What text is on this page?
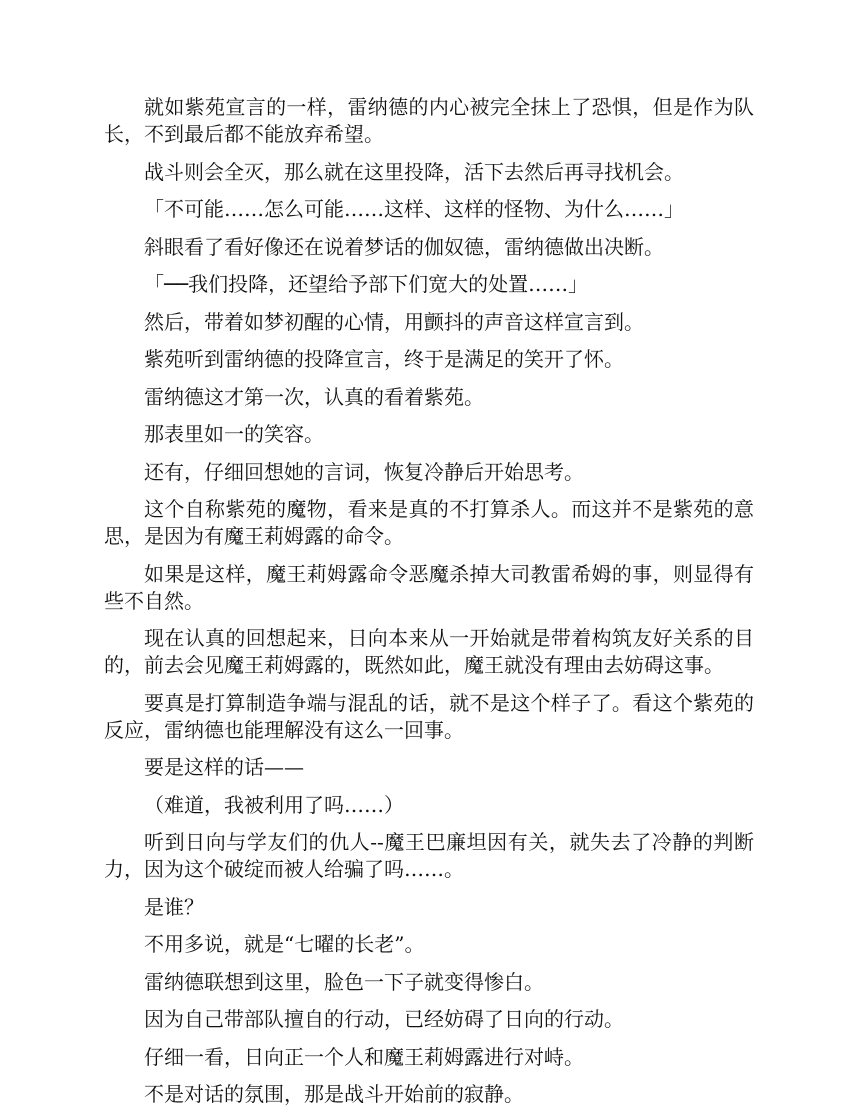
就如紫苑宣言的一样，雷纳德的内心被完全抹上了恐惧，但是作为队长，不到最后都不能放弃希望。

战斗则会全灭，那么就在这里投降，活下去然后再寻找机会。

「不可能……怎么可能……这样、这样的怪物、为什么……」

斜眼看了看好像还在说着梦话的伽奴德，雷纳德做出决断。

「──我们投降，还望给予部下们宽大的处置……」

然后，带着如梦初醒的心情，用颤抖的声音这样宣言到。

紫苑听到雷纳德的投降宣言，终于是满足的笑开了怀。

雷纳德这才第一次，认真的看着紫苑。

那表里如一的笑容。

还有，仔细回想她的言词，恢复冷静后开始思考。

这个自称紫苑的魔物，看来是真的不打算杀人。而这并不是紫苑的意思，是因为有魔王莉姆露的命令。

如果是这样，魔王莉姆露命令恶魔杀掉大司教雷希姆的事，则显得有些不自然。

现在认真的回想起来，日向本来从一开始就是带着构筑友好关系的目的，前去会见魔王莉姆露的，既然如此，魔王就没有理由去妨碍这事。

要真是打算制造争端与混乱的话，就不是这个样子了。看这个紫苑的反应，雷纳德也能理解没有这么一回事。

要是这样的话——

（难道，我被利用了吗……）

听到日向与学友们的仇人--魔王巴廉坦因有关，就失去了冷静的判断力，因为这个破绽而被人给骗了吗……。

是谁？

不用多说，就是“七曜的长老”。

雷纳德联想到这里，脸色一下子就变得惨白。

因为自己带部队擅自的行动，已经妨碍了日向的行动。

仔细一看，日向正一个人和魔王莉姆露进行对峙。

不是对话的氛围，那是战斗开始前的寂静。
